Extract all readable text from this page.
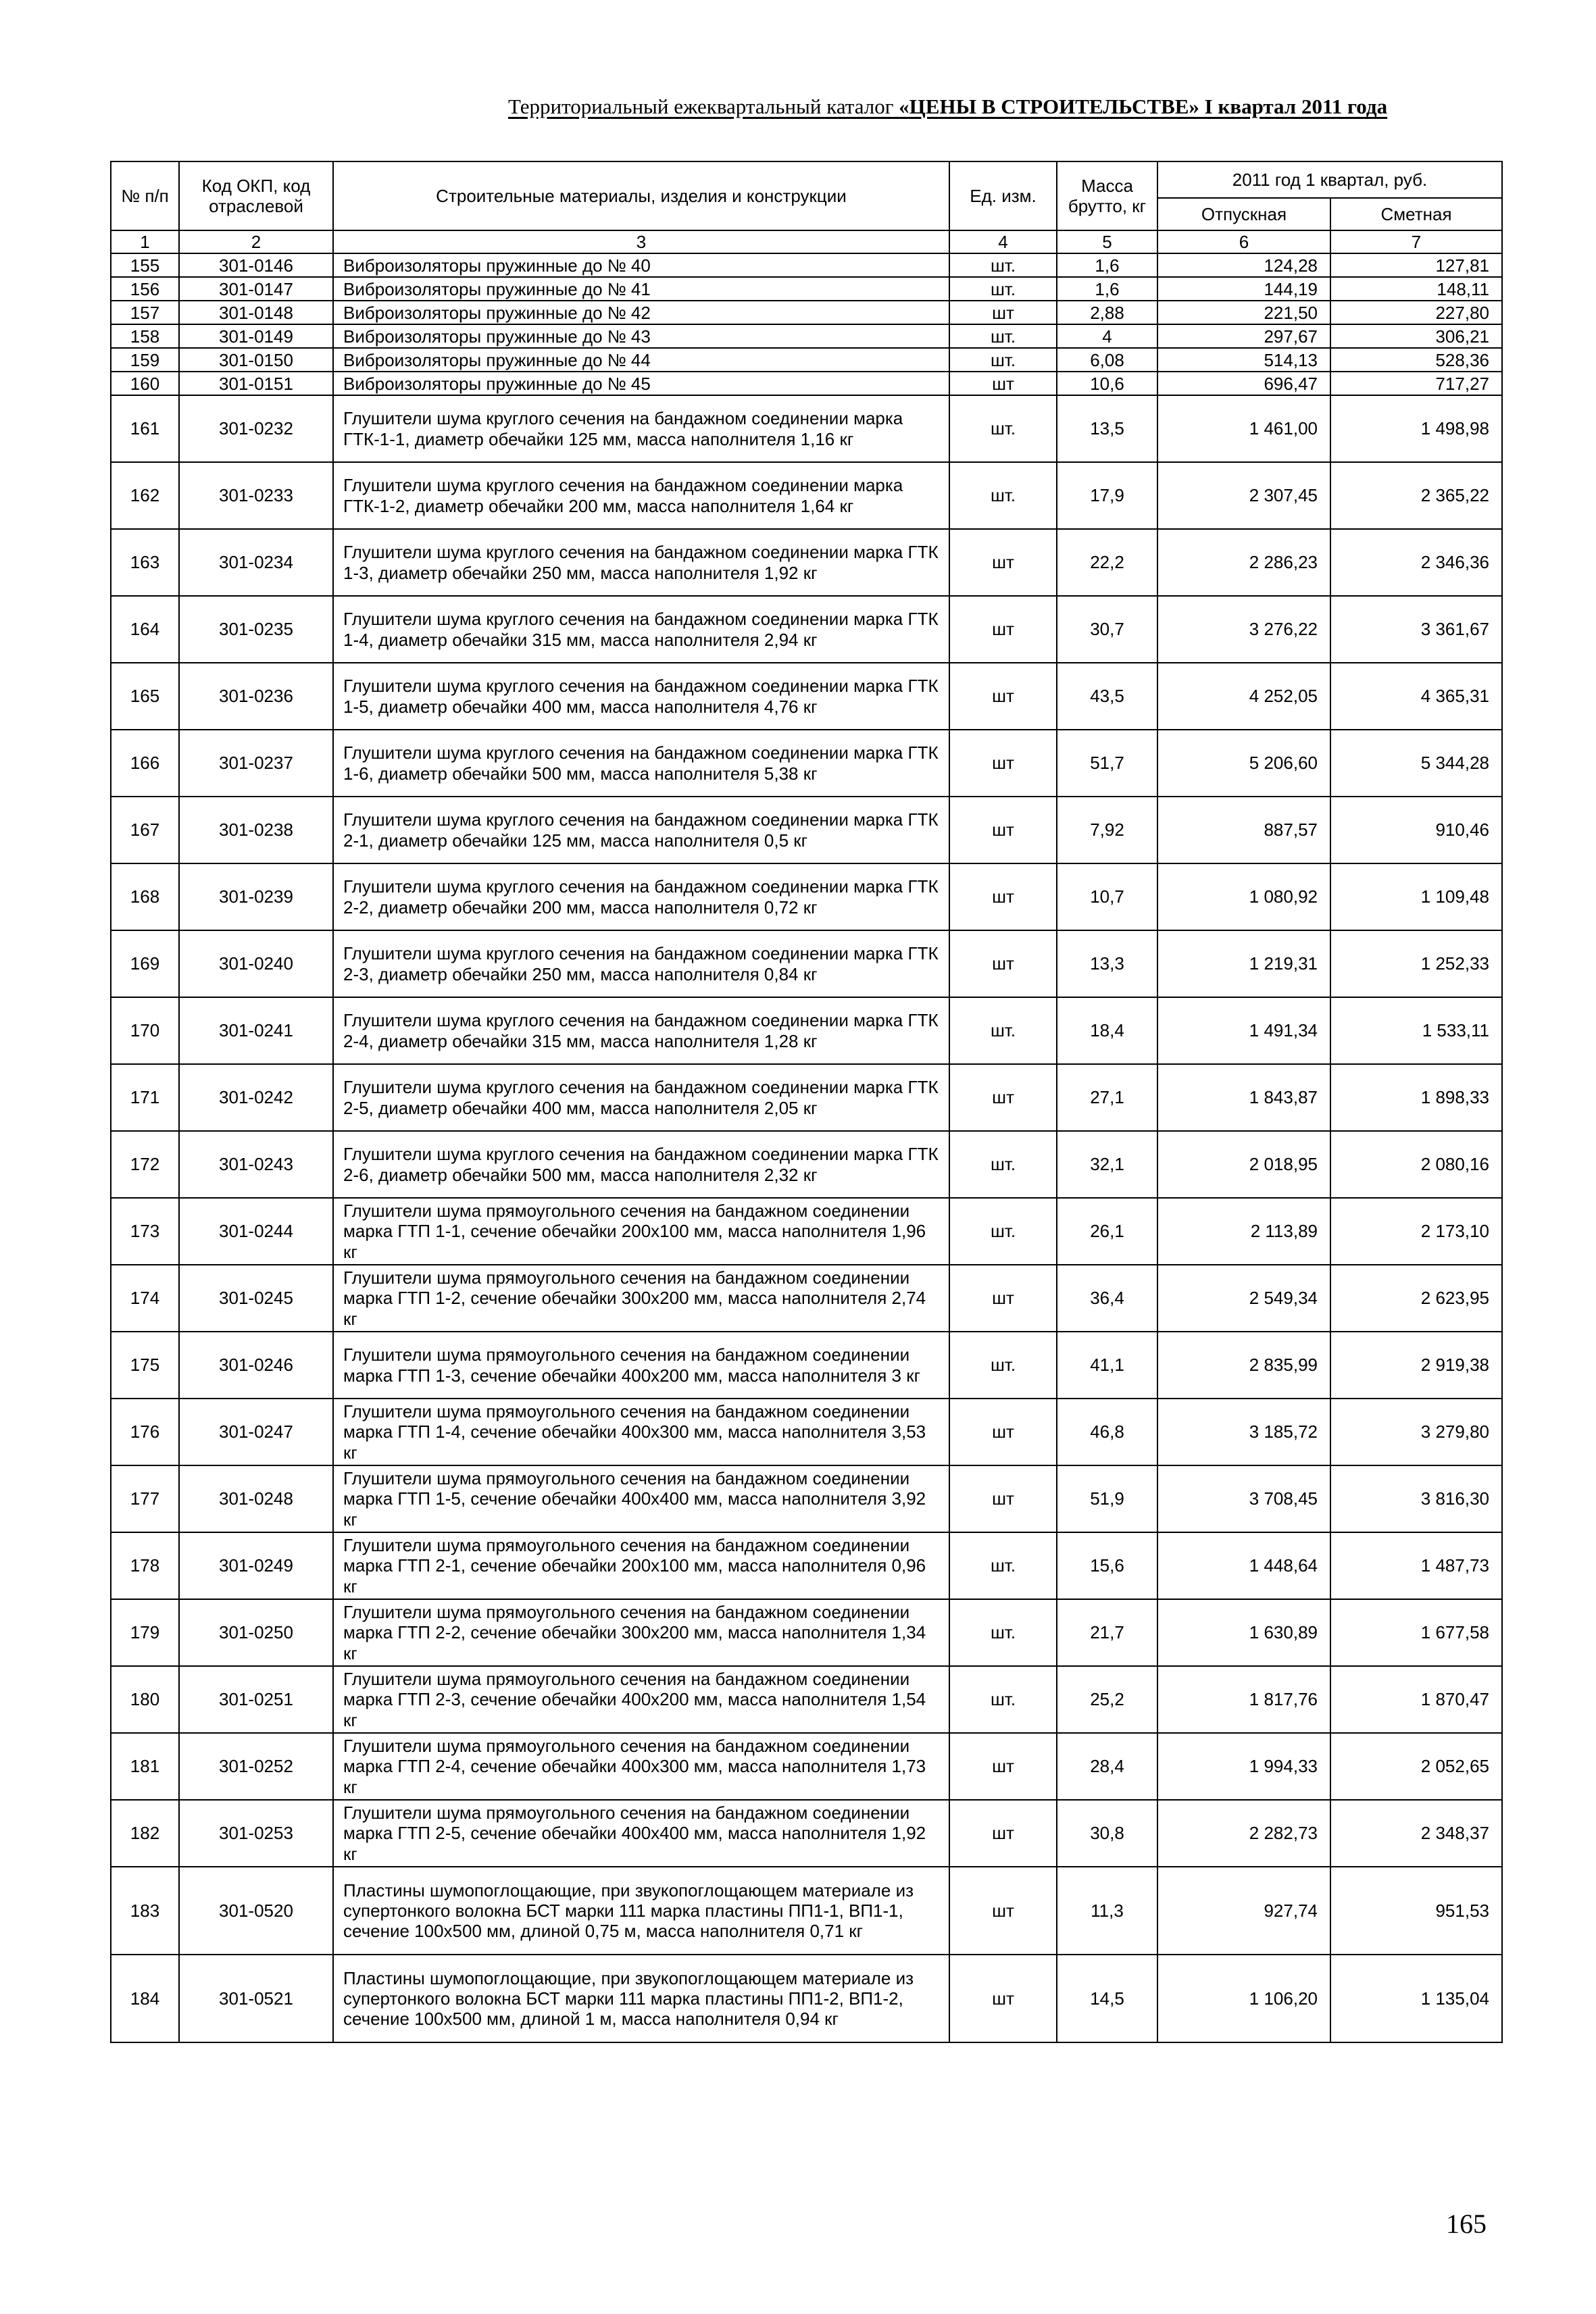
Территориальный ежеквартальный каталог «ЦЕНЫ В СТРОИТЕЛЬСТВЕ» I квартал 2011 года
№ п/п	Код ОКП, код отраслевой	Строительные материалы, изделия и конструкции	Ед. изм.	Масса брутто, кг	2011 год 1 квартал, руб.	
					Отпускная	Сметная
1	2	3	4	5	6	7
155	301-0146	Виброизоляторы пружинные до № 40	шт.	1,6	124,28	127,81
156	301-0147	Виброизоляторы пружинные до № 41	шт.	1,6	144,19	148,11
157	301-0148	Виброизоляторы пружинные до № 42	шт	2,88	221,50	227,80
158	301-0149	Виброизоляторы пружинные до № 43	шт.	4	297,67	306,21
159	301-0150	Виброизоляторы пружинные до № 44	шт.	6,08	514,13	528,36
160	301-0151	Виброизоляторы пружинные до № 45	шт	10,6	696,47	717,27
161	301-0232	Глушители шума круглого сечения на бандажном соединении марка ГТК-1-1, диаметр обечайки 125 мм, масса наполнителя 1,16 кг	шт.	13,5	1 461,00	1 498,98
162	301-0233	Глушители шума круглого сечения на бандажном соединении марка ГТК-1-2, диаметр обечайки 200 мм, масса наполнителя 1,64 кг	шт.	17,9	2 307,45	2 365,22
163	301-0234	Глушители шума круглого сечения на бандажном соединении марка ГТК 1-3, диаметр обечайки 250 мм, масса наполнителя 1,92 кг	шт	22,2	2 286,23	2 346,36
164	301-0235	Глушители шума круглого сечения на бандажном соединении марка ГТК 1-4, диаметр обечайки 315 мм, масса наполнителя 2,94 кг	шт	30,7	3 276,22	3 361,67
165	301-0236	Глушители шума круглого сечения на бандажном соединении марка ГТК 1-5, диаметр обечайки 400 мм, масса наполнителя 4,76 кг	шт	43,5	4 252,05	4 365,31
166	301-0237	Глушители шума круглого сечения на бандажном соединении марка ГТК 1-6, диаметр обечайки 500 мм, масса наполнителя 5,38 кг	шт	51,7	5 206,60	5 344,28
167	301-0238	Глушители шума круглого сечения на бандажном соединении марка ГТК 2-1, диаметр обечайки 125 мм, масса наполнителя 0,5 кг	шт	7,92	887,57	910,46
168	301-0239	Глушители шума круглого сечения на бандажном соединении марка ГТК 2-2, диаметр обечайки 200 мм, масса наполнителя 0,72 кг	шт	10,7	1 080,92	1 109,48
169	301-0240	Глушители шума круглого сечения на бандажном соединении марка ГТК 2-3, диаметр обечайки 250 мм, масса наполнителя 0,84 кг	шт	13,3	1 219,31	1 252,33
170	301-0241	Глушители шума круглого сечения на бандажном соединении марка ГТК 2-4, диаметр обечайки 315 мм, масса наполнителя 1,28 кг	шт.	18,4	1 491,34	1 533,11
171	301-0242	Глушители шума круглого сечения на бандажном соединении марка ГТК 2-5, диаметр обечайки 400 мм, масса наполнителя 2,05 кг	шт	27,1	1 843,87	1 898,33
172	301-0243	Глушители шума круглого сечения на бандажном соединении марка ГТК 2-6, диаметр обечайки 500 мм, масса наполнителя 2,32 кг	шт.	32,1	2 018,95	2 080,16
173	301-0244	Глушители шума прямоугольного сечения на бандажном соединении марка ГТП 1-1, сечение обечайки 200х100 мм, масса наполнителя 1,96 кг	шт.	26,1	2 113,89	2 173,10
174	301-0245	Глушители шума прямоугольного сечения на бандажном соединении марка ГТП 1-2, сечение обечайки 300х200 мм, масса наполнителя 2,74 кг	шт	36,4	2 549,34	2 623,95
175	301-0246	Глушители шума прямоугольного сечения на бандажном соединении марка ГТП 1-3, сечение обечайки 400х200 мм, масса наполнителя 3 кг	шт.	41,1	2 835,99	2 919,38
176	301-0247	Глушители шума прямоугольного сечения на бандажном соединении марка ГТП 1-4, сечение обечайки 400х300 мм, масса наполнителя 3,53 кг	шт	46,8	3 185,72	3 279,80
177	301-0248	Глушители шума прямоугольного сечения на бандажном соединении марка ГТП 1-5, сечение обечайки 400х400 мм, масса наполнителя 3,92 кг	шт	51,9	3 708,45	3 816,30
178	301-0249	Глушители шума прямоугольного сечения на бандажном соединении марка ГТП 2-1, сечение обечайки 200х100 мм, масса наполнителя 0,96 кг	шт.	15,6	1 448,64	1 487,73
179	301-0250	Глушители шума прямоугольного сечения на бандажном соединении марка ГТП 2-2, сечение обечайки 300х200 мм, масса наполнителя 1,34 кг	шт.	21,7	1 630,89	1 677,58
180	301-0251	Глушители шума прямоугольного сечения на бандажном соединении марка ГТП 2-3, сечение обечайки 400х200 мм, масса наполнителя 1,54 кг	шт.	25,2	1 817,76	1 870,47
181	301-0252	Глушители шума прямоугольного сечения на бандажном соединении марка ГТП 2-4, сечение обечайки 400х300 мм, масса наполнителя 1,73 кг	шт	28,4	1 994,33	2 052,65
182	301-0253	Глушители шума прямоугольного сечения на бандажном соединении марка ГТП 2-5, сечение обечайки 400х400 мм, масса наполнителя 1,92 кг	шт	30,8	2 282,73	2 348,37
183	301-0520	Пластины шумопоглощающие, при звукопоглощающем материале из супертонкого волокна БСТ марки 111 марка пластины ПП1-1, ВП1-1, сечение 100х500 мм, длиной 0,75 м, масса наполнителя 0,71 кг	шт	11,3	927,74	951,53
184	301-0521	Пластины шумопоглощающие, при звукопоглощающем материале из супертонкого волокна БСТ марки 111 марка пластины ПП1-2, ВП1-2, сечение 100х500 мм, длиной 1 м, масса наполнителя 0,94 кг	шт	14,5	1 106,20	1 135,04
165
